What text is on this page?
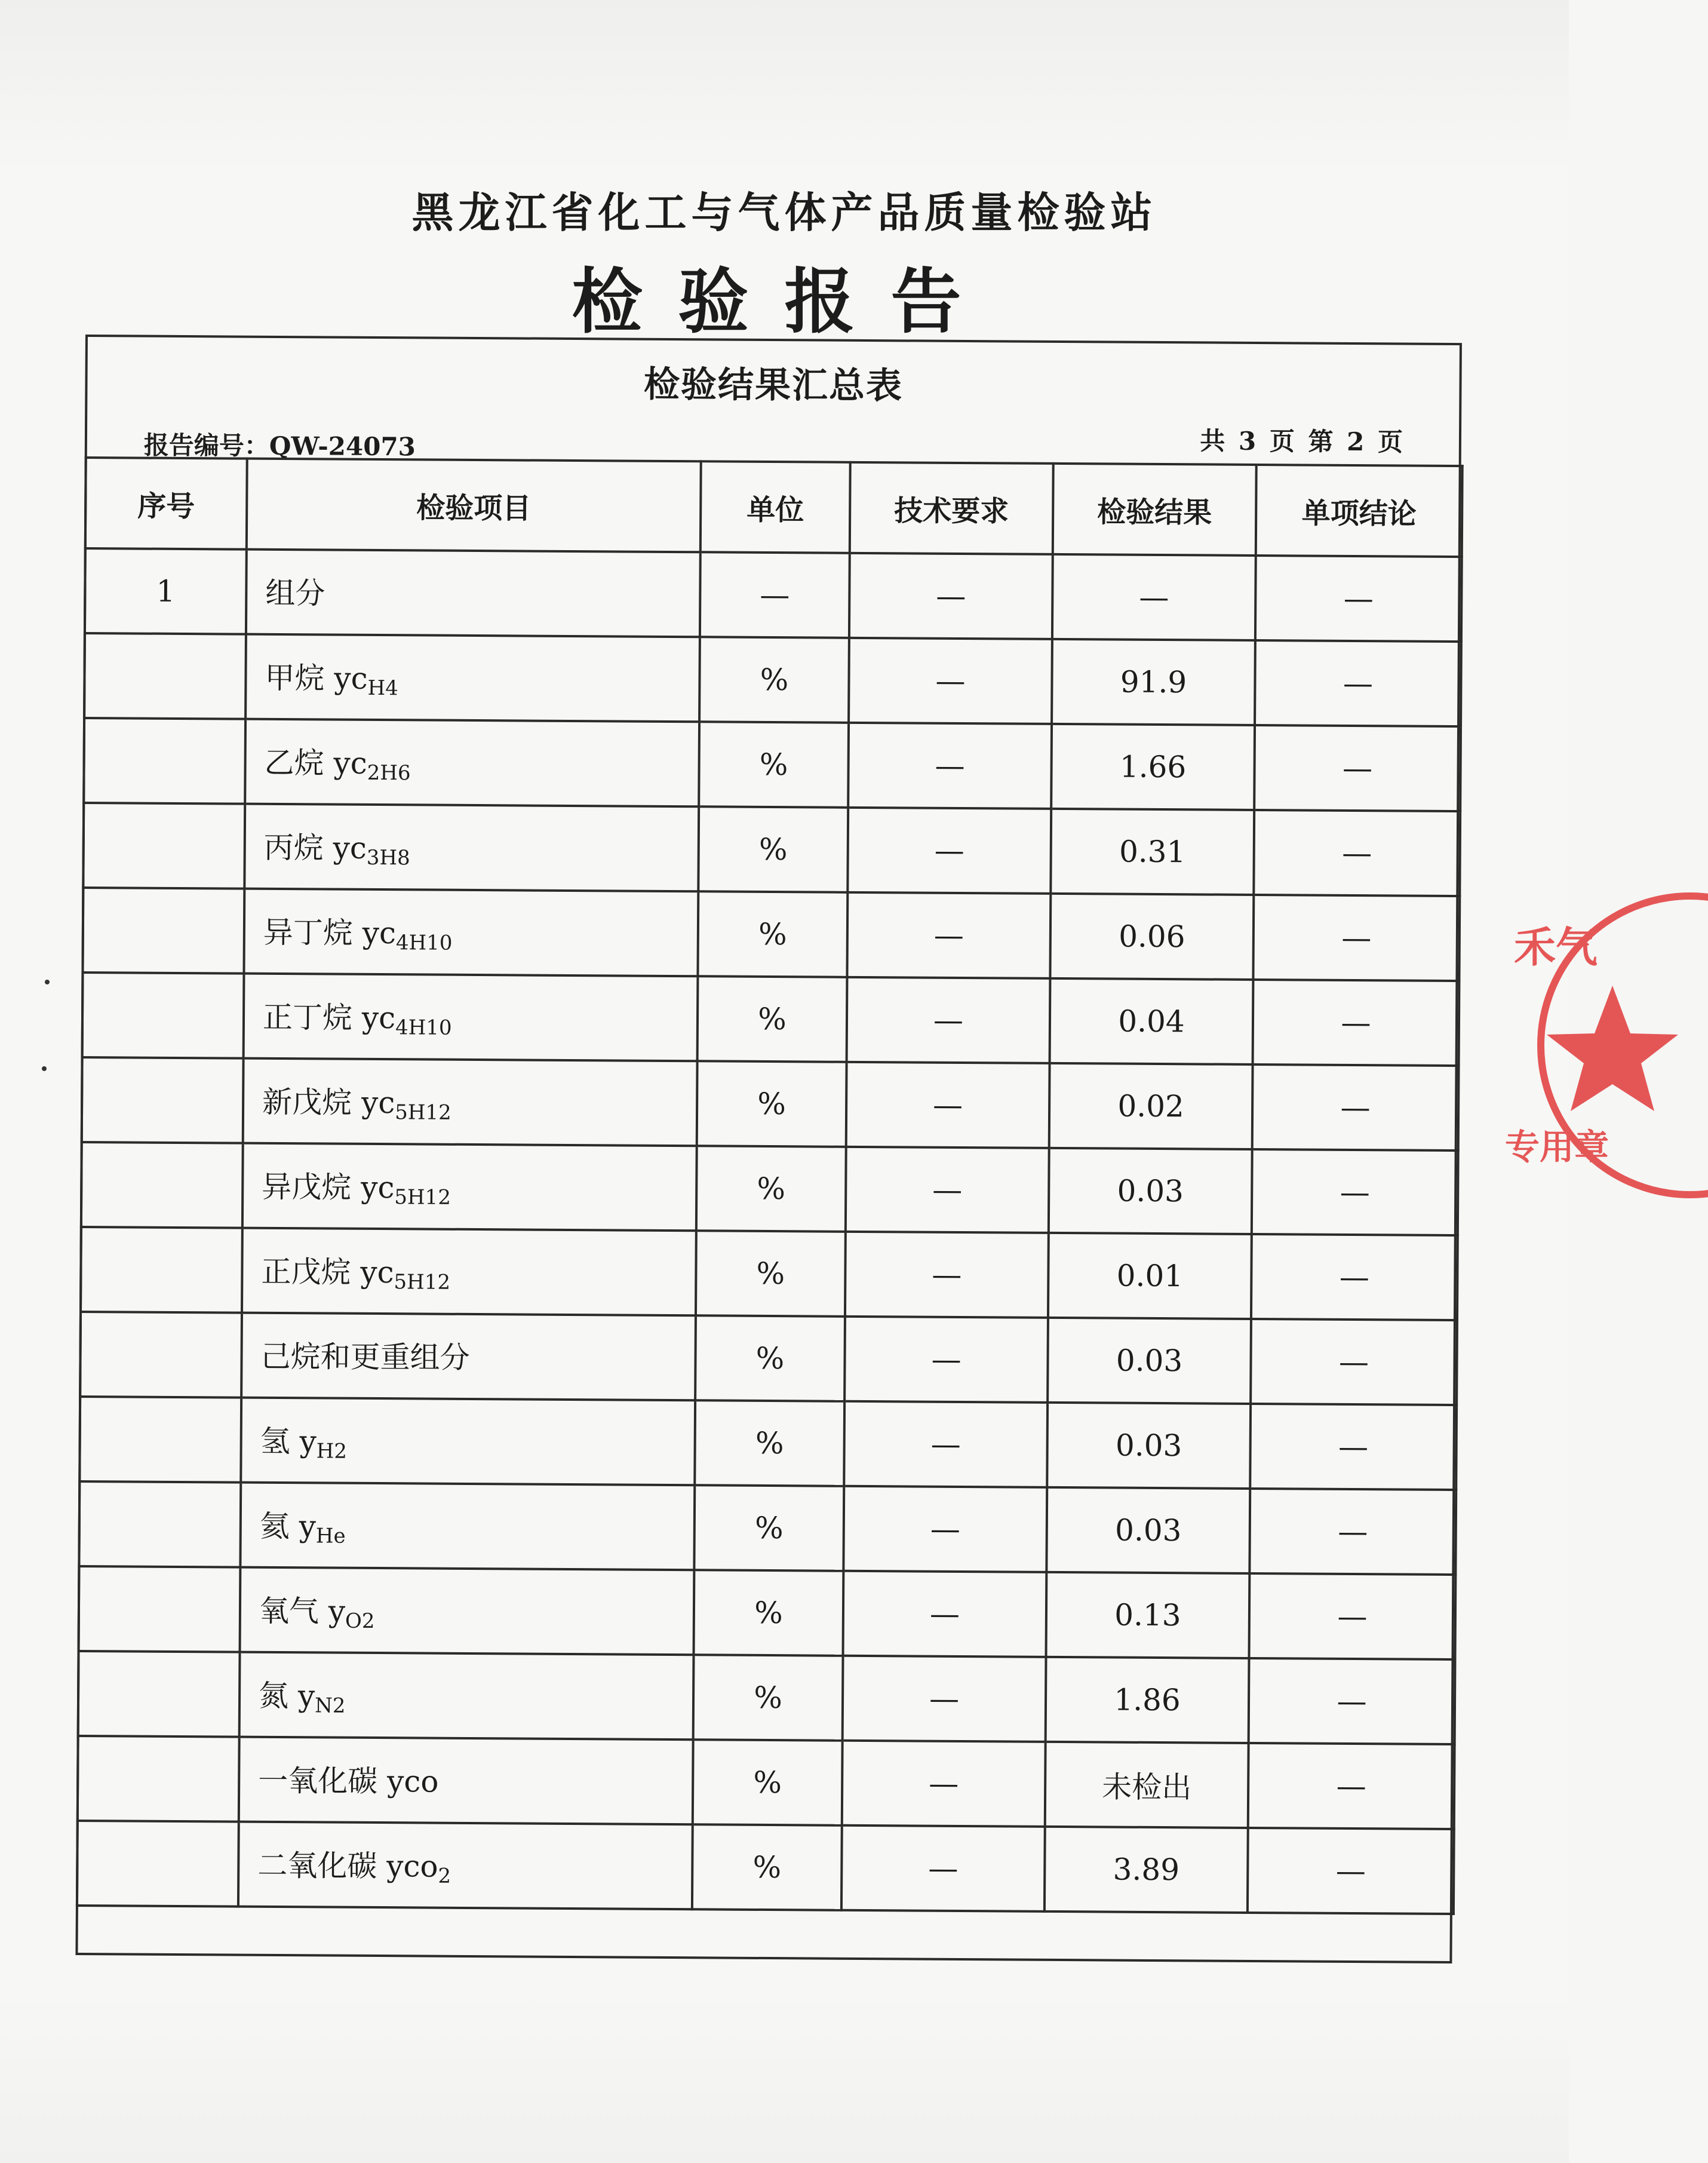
黑龙江省化工与气体产品质量检验站
检验报告
检验结果汇总表
报告编号：QW-24073	共 3 页 第 2 页
序号	检验项目	单位	技术要求	检验结果	单项结论
1	组分	—	—	—	—
	甲烷 $yc_{H4}$	%	—	91.9	—
	乙烷 $yc_{2H6}$	%	—	1.66	—
	丙烷 $yc_{3H8}$	%	—	0.31	—
	异丁烷 $yc_{4H10}$	%	—	0.06	—
	正丁烷 $yc_{4H10}$	%	—	0.04	—
	新戊烷 $yc_{5H12}$	%	—	0.02	—
	异戊烷 $yc_{5H12}$	%	—	0.03	—
	正戊烷 $yc_{5H12}$	%	—	0.01	—
	己烷和更重组分	%	—	0.03	—
	氢 $y_{H2}$	%	—	0.03	—
	氦 $y_{He}$	%	—	0.03	—
	氧气 $y_{O2}$	%	—	0.13	—
	氮 $y_{N2}$	%	—	1.86	—
	一氧化碳 yco	%	—	未检出	—
	二氧化碳 yco$_2$	%	—	3.89	—
禾气
专用章
